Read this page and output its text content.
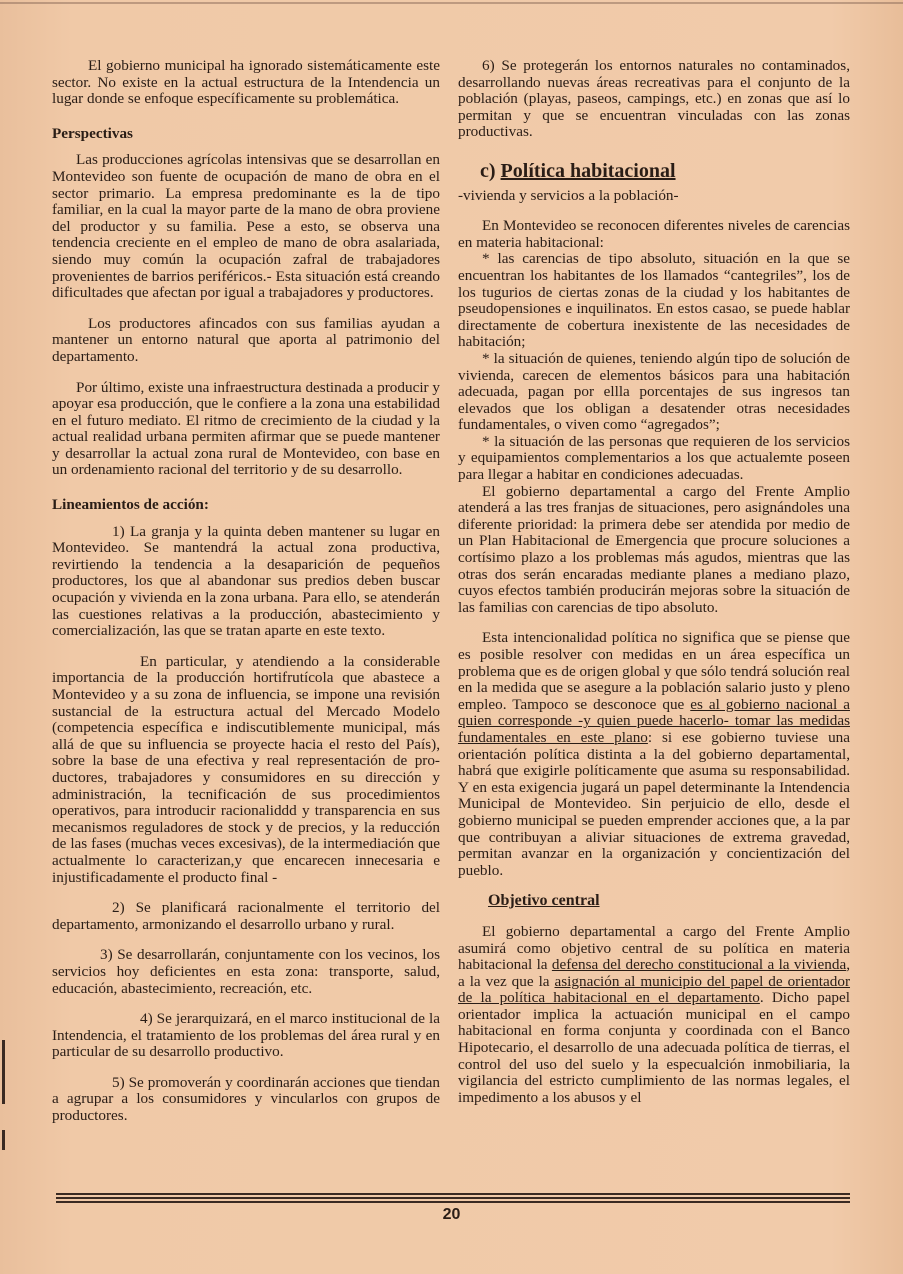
El gobierno municipal ha ignorado sistemáticamente este sector. No existe en la actual estructura de la Intendencia un lugar donde se enfoque específicamente su problemática.

Perspectivas

Las producciones agrícolas intensivas que se desarrollan en Montevideo son fuente de ocupación de mano de obra en el sector primario. La empresa predominante es la de tipo familiar, en la cual la mayor parte de la mano de obra proviene del productor y su familia. Pese a esto, se observa una tendencia creciente en el empleo de mano de obra asalariada, siendo muy común la ocupación zafral de trabajadores provenientes de barrios periféricos.- Esta situación está creando dificultades que afectan por igual a trabajadores y productores.

Los productores afincados con sus familias ayudan a mantener un entorno natural que aporta al patrimonio del departamento.

Por último, existe una infraestructura destinada a producir y apoyar esa producción, que le confiere a la zona una estabilidad en el futuro mediato. El ritmo de crecimiento de la ciudad y la actual realidad urbana permiten afirmar que se puede mantener y desarrollar la actual zona rural de Montevideo, con base en un ordenamiento racional del territorio y de su desarrollo.

Lineamientos de acción:

1) La granja y la quinta deben mantener su lugar en Montevideo. Se mantendrá la actual zona productiva, revirtiendo la tendencia a la desaparición de pequeños productores, los que al abandonar sus predios deben buscar ocupación y vivienda en la zona urbana. Para ello, se atenderán las cuestiones relativas a la producción, abastecimiento y comercialización, las que se tratan aparte en este texto.

En particular, y atendiendo a la considerable importancia de la producción hortifrutícola que abastece a Montevideo y a su zona de influencia, se impone una revisión sustancial de la estructura actual del Mercado Modelo (competencia específica e indiscutiblemente municipal, más allá de que su influencia se proyecte hacia el resto del País), sobre la base de una efectiva y real representación de pro-ductores, trabajadores y consumidores en su dirección y administración, la tecnificación de sus procedimientos operativos, para introducir racionaliddd y transparencia en sus mecanismos reguladores de stock y de precios, y la reducción de las fases (muchas veces excesivas), de la intermediación que actualmente lo caracterizan,y que encarecen innecesaria e injustificadamente el producto final -

2) Se planificará racionalmente el territorio del departamento, armonizando el desarrollo urbano y rural.

3) Se desarrollarán, conjuntamente con los vecinos, los servicios hoy deficientes en esta zona: transporte, salud, educación, abastecimiento, recreación, etc.

4) Se jerarquizará, en el marco institucional de la Intendencia, el tratamiento de los problemas del área rural y en particular de su desarrollo productivo.

5) Se promoverán y coordinarán acciones que tiendan a agrupar a los consumidores y vincularlos con grupos de productores.

6) Se protegerán los entornos naturales no contaminados, desarrollando nuevas áreas recreativas para el conjunto de la población (playas, paseos, campings, etc.) en zonas que así lo permitan y que se encuentran vinculadas con las zonas productivas.

c) Política habitacional

-vivienda y servicios a la población-

En Montevideo se reconocen diferentes niveles de carencias en materia habitacional:

* las carencias de tipo absoluto, situación en la que se encuentran los habitantes de los llamados “cantegriles”, los de los tugurios de ciertas zonas de la ciudad y los habitantes de pseudopensiones e inquilinatos. En estos casao, se puede hablar directamente de cobertura inexistente de las necesidades de habitación;

* la situación de quienes, teniendo algún tipo de solución de vivienda, carecen de elementos básicos para una habitación adecuada, pagan por ellla porcentajes de sus ingresos tan elevados que los obligan a desatender otras necesidades fundamentales, o viven como “agregados”;

* la situación de las personas que requieren de los servicios y equipamientos complementarios a los que actualemte poseen para llegar a habitar en condiciones adecuadas.

El gobierno departamental a cargo del Frente Amplio atenderá a las tres franjas de situaciones, pero asignándoles una diferente prioridad: la primera debe ser atendida por medio de un Plan Habitacional de Emergencia que procure soluciones a cortísimo plazo a los problemas más agudos, mientras que las otras dos serán encaradas mediante planes a mediano plazo, cuyos efectos también producirán mejoras sobre la situación de las familias con carencias de tipo absoluto.

Esta intencionalidad política no significa que se piense que es posible resolver con medidas en un área específica un problema que es de origen global y que sólo tendrá solución real en la medida que se asegure a la población salario justo y pleno empleo. Tampoco se desconoce que es al gobierno nacional a quien corresponde -y quien puede hacerlo- tomar las medidas fundamentales en este plano: si ese gobierno tuviese una orientación política distinta a la del gobierno departamental, habrá que exigirle políticamente que asuma su responsabilidad. Y en esta exigencia jugará un papel determinante la Intendencia Municipal de Montevideo. Sin perjuicio de ello, desde el gobierno municipal se pueden emprender acciones que, a la par que contribuyan a aliviar situaciones de extrema gravedad, permitan avanzar en la organización y concientización del pueblo.

Objetivo central

El gobierno departamental a cargo del Frente Amplio asumirá como objetivo central de su política en materia habitacional la defensa del derecho constitucional a la vivienda, a la vez que la asignación al municipio del papel de orientador de la política habitacional en el departamento. Dicho papel orientador implica la actuación municipal en el campo habitacional en forma conjunta y coordinada con el Banco Hipotecario, el desarrollo de una adecuada política de tierras, el control del uso del suelo y la especualción inmobiliaria, la vigilancia del estricto cumplimiento de las normas legales, el impedimento a los abusos y el

20
